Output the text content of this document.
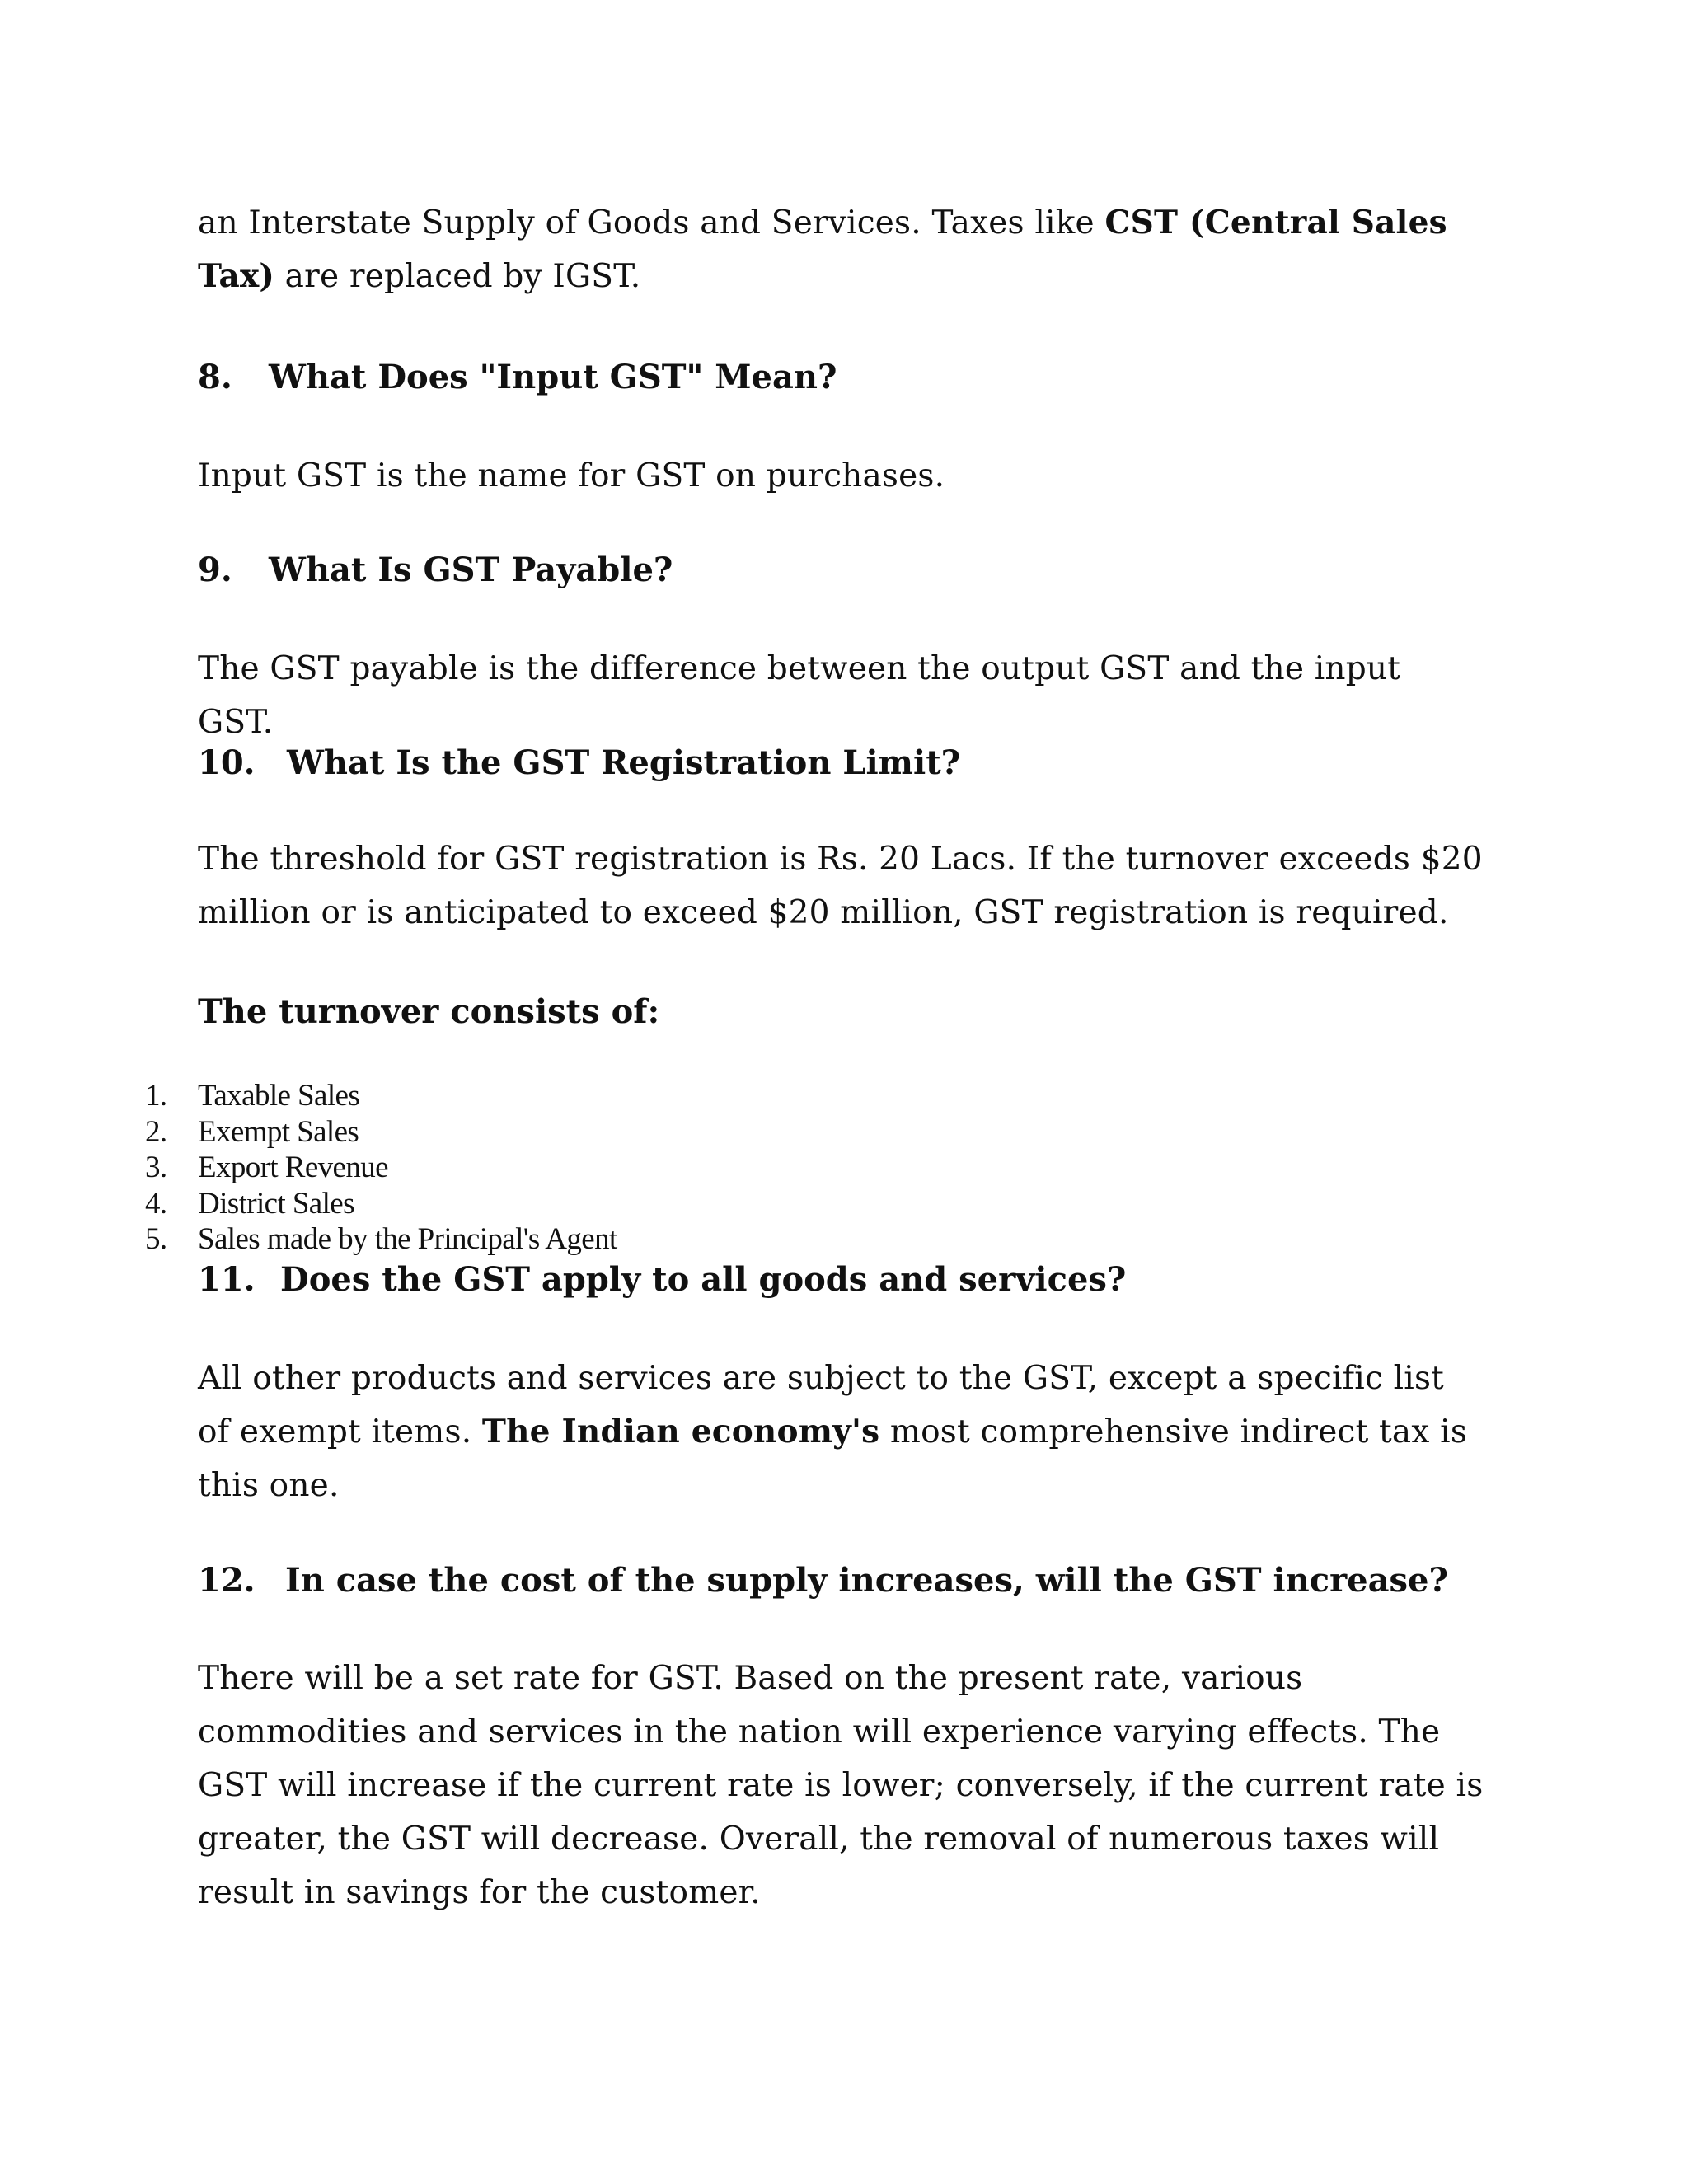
an Interstate Supply of Goods and Services. Taxes like CST (Central Sales Tax) are replaced by IGST.

8. What Does "Input GST" Mean?

Input GST is the name for GST on purchases.

9. What Is GST Payable?

The GST payable is the difference between the output GST and the input GST.

10. What Is the GST Registration Limit?

The threshold for GST registration is Rs. 20 Lacs. If the turnover exceeds $20 million or is anticipated to exceed $20 million, GST registration is required.

The turnover consists of:

1. Taxable Sales
2. Exempt Sales
3. Export Revenue
4. District Sales
5. Sales made by the Principal's Agent

11. Does the GST apply to all goods and services?

All other products and services are subject to the GST, except a specific list of exempt items. The Indian economy's most comprehensive indirect tax is this one.

12. In case the cost of the supply increases, will the GST increase?

There will be a set rate for GST. Based on the present rate, various commodities and services in the nation will experience varying effects. The GST will increase if the current rate is lower; conversely, if the current rate is greater, the GST will decrease. Overall, the removal of numerous taxes will result in savings for the customer.
